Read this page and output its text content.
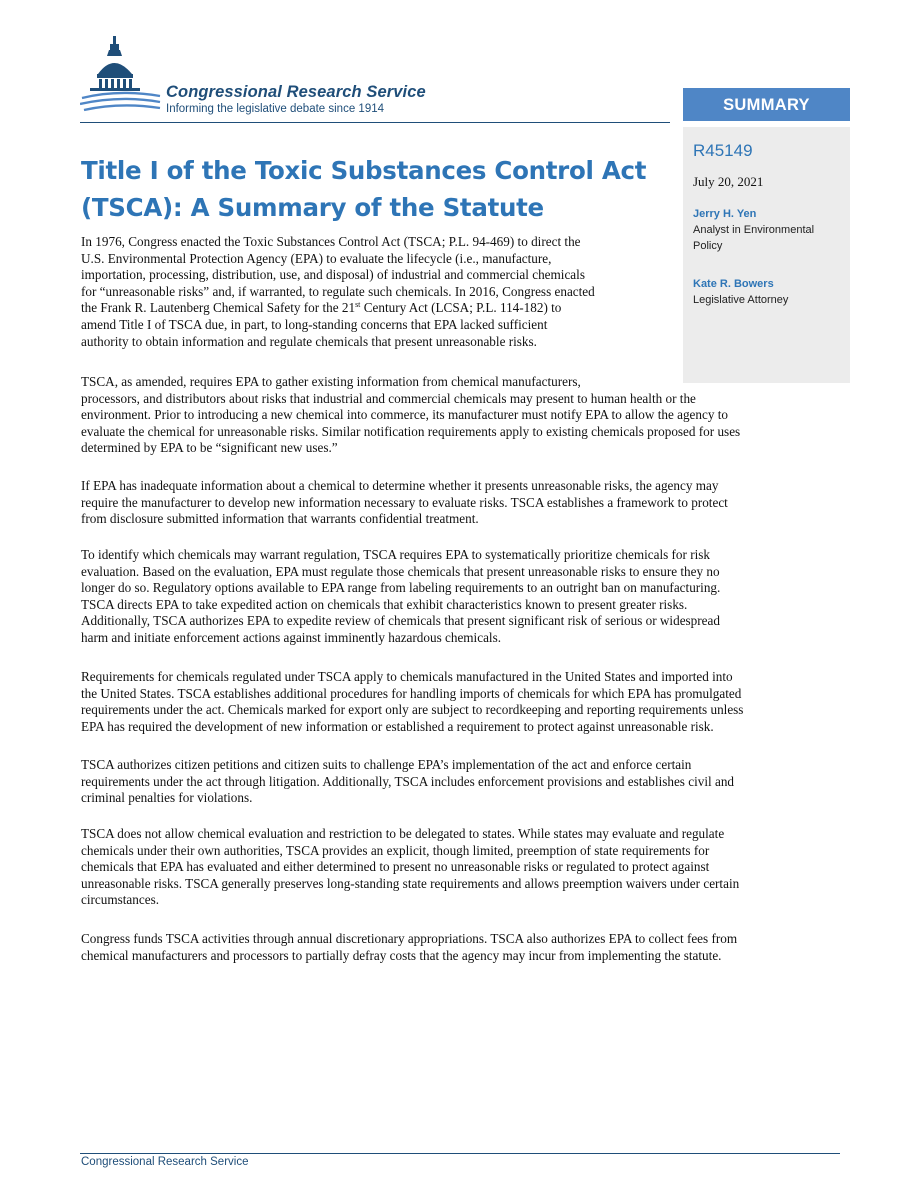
Congressional Research Service
Informing the legislative debate since 1914	SUMMARY
R45149
July 20, 2021
Jerry H. Yen
Analyst in Environmental
Policy
Kate R. Bowers
Legislative Attorney
Title I of the Toxic Substances Control Act
(TSCA): A Summary of the Statute
In 1976, Congress enacted the Toxic Substances Control Act (TSCA; P.L. 94-469) to direct the
U.S. Environmental Protection Agency (EPA) to evaluate the lifecycle (i.e., manufacture,
importation, processing, distribution, use, and disposal) of industrial and commercial chemicals
for “unreasonable risks” and, if warranted, to regulate such chemicals. In 2016, Congress enacted
the Frank R. Lautenberg Chemical Safety for the 21st Century Act (LCSA; P.L. 114-182) to
amend Title I of TSCA due, in part, to long-standing concerns that EPA lacked sufficient
authority to obtain information and regulate chemicals that present unreasonable risks.
TSCA, as amended, requires EPA to gather existing information from chemical manufacturers,
processors, and distributors about risks that industrial and commercial chemicals may present to human health or the
environment. Prior to introducing a new chemical into commerce, its manufacturer must notify EPA to allow the agency to
evaluate the chemical for unreasonable risks. Similar notification requirements apply to existing chemicals proposed for uses
determined by EPA to be “significant new uses.”
If EPA has inadequate information about a chemical to determine whether it presents unreasonable risks, the agency may
require the manufacturer to develop new information necessary to evaluate risks. TSCA establishes a framework to protect
from disclosure submitted information that warrants confidential treatment.
To identify which chemicals may warrant regulation, TSCA requires EPA to systematically prioritize chemicals for risk
evaluation. Based on the evaluation, EPA must regulate those chemicals that present unreasonable risks to ensure they no
longer do so. Regulatory options available to EPA range from labeling requirements to an outright ban on manufacturing.
TSCA directs EPA to take expedited action on chemicals that exhibit characteristics known to present greater risks.
Additionally, TSCA authorizes EPA to expedite review of chemicals that present significant risk of serious or widespread
harm and initiate enforcement actions against imminently hazardous chemicals.
Requirements for chemicals regulated under TSCA apply to chemicals manufactured in the United States and imported into
the United States. TSCA establishes additional procedures for handling imports of chemicals for which EPA has promulgated
requirements under the act. Chemicals marked for export only are subject to recordkeeping and reporting requirements unless
EPA has required the development of new information or established a requirement to protect against unreasonable risk.
TSCA authorizes citizen petitions and citizen suits to challenge EPA’s implementation of the act and enforce certain
requirements under the act through litigation. Additionally, TSCA includes enforcement provisions and establishes civil and
criminal penalties for violations.
TSCA does not allow chemical evaluation and restriction to be delegated to states. While states may evaluate and regulate
chemicals under their own authorities, TSCA provides an explicit, though limited, preemption of state requirements for
chemicals that EPA has evaluated and either determined to present no unreasonable risks or regulated to protect against
unreasonable risks. TSCA generally preserves long-standing state requirements and allows preemption waivers under certain
circumstances.
Congress funds TSCA activities through annual discretionary appropriations. TSCA also authorizes EPA to collect fees from
chemical manufacturers and processors to partially defray costs that the agency may incur from implementing the statute.
Congressional Research Service
